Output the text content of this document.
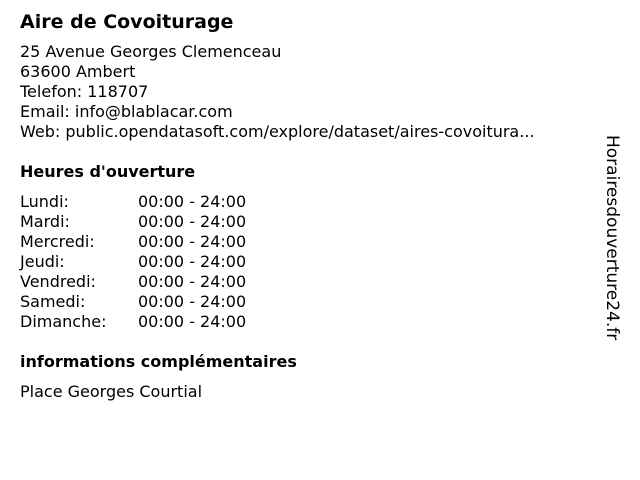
Aire de Covoiturage
25 Avenue Georges Clemenceau
63600 Ambert
Telefon: 118707
Email: info@blablacar.com
Web: public.opendatasoft.com/explore/dataset/aires-covoitura...
Heures d'ouverture
Lundi:	00:00 - 24:00
Mardi:	00:00 - 24:00
Mercredi:	00:00 - 24:00
Jeudi:	00:00 - 24:00
Vendredi:	00:00 - 24:00
Samedi:	00:00 - 24:00
Dimanche:	00:00 - 24:00
informations complémentaires
Place Georges Courtial
Horairesdouverture24.fr
